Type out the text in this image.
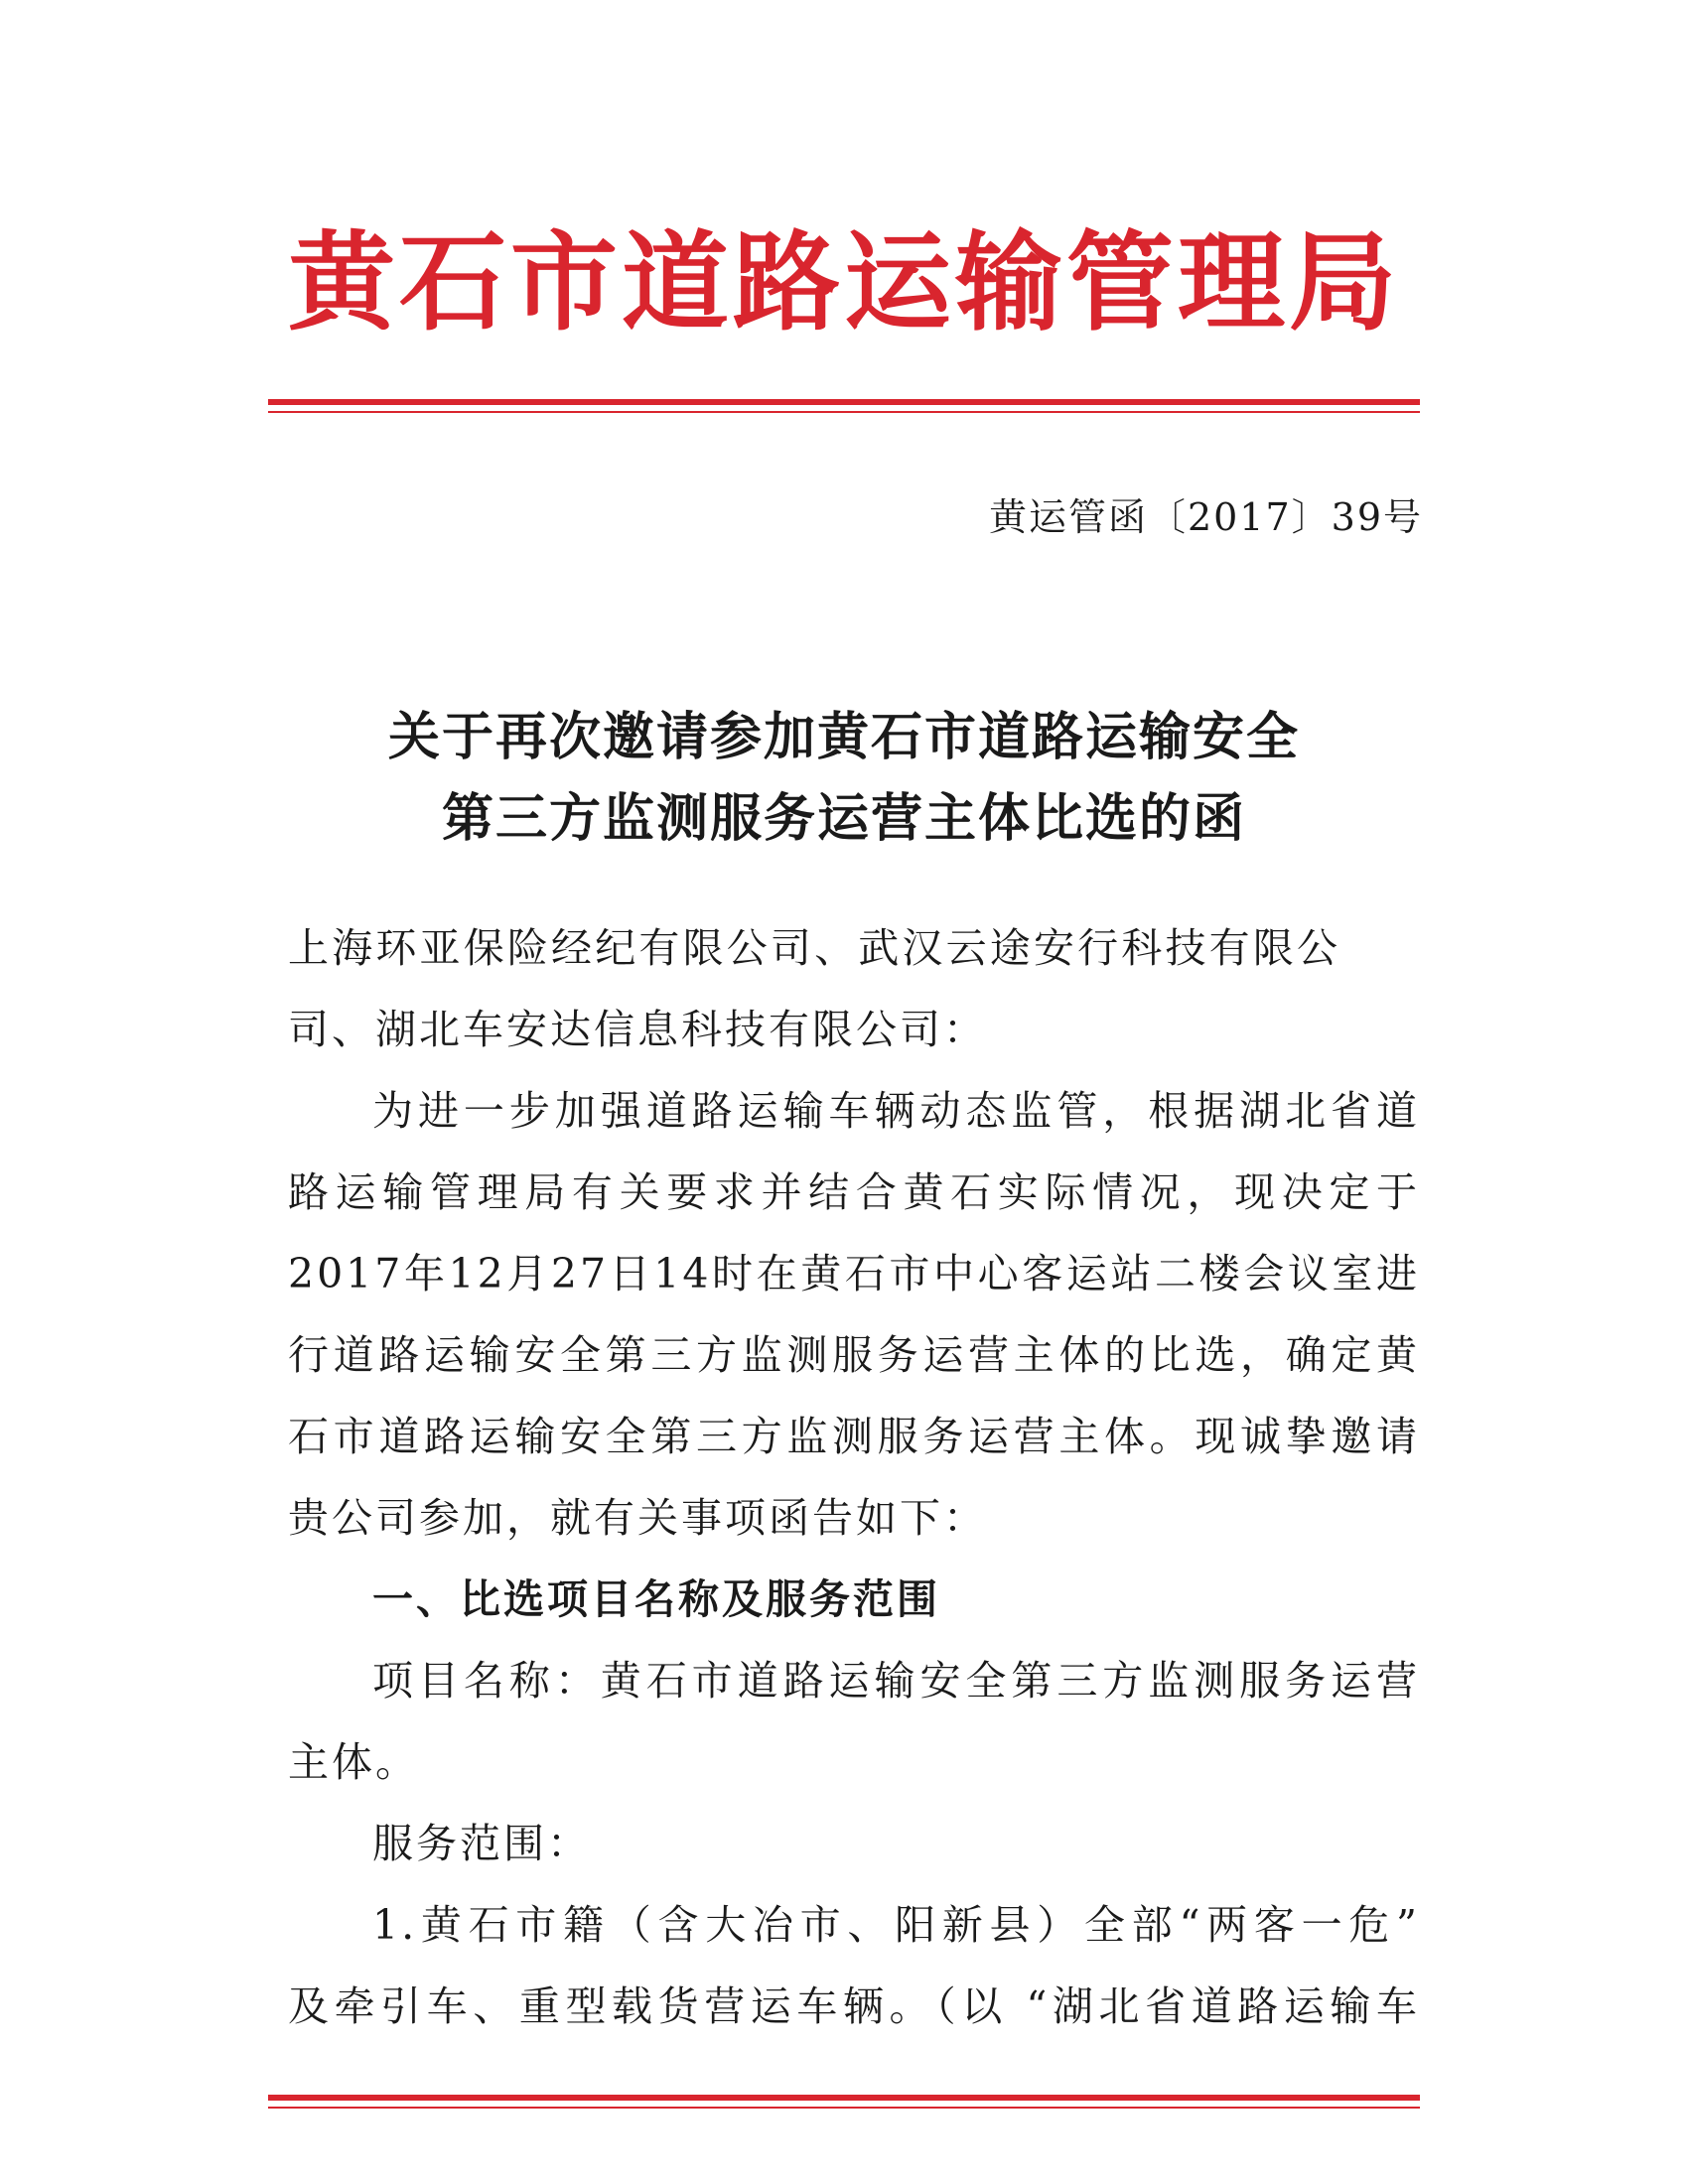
黄石市道路运输管理局
黄运管函〔2017〕39号
关于再次邀请参加黄石市道路运输安全
第三方监测服务运营主体比选的函
上海环亚保险经纪有限公司、武汉云途安行科技有限公
司、湖北车安达信息科技有限公司：
为进一步加强道路运输车辆动态监管，根据湖北省道
路运输管理局有关要求并结合黄石实际情况，现决定于
2017年12月27日14时在黄石市中心客运站二楼会议室进
行道路运输安全第三方监测服务运营主体的比选，确定黄
石市道路运输安全第三方监测服务运营主体。现诚挚邀请
贵公司参加，就有关事项函告如下：
一、比选项目名称及服务范围
项目名称：黄石市道路运输安全第三方监测服务运营
主体。
服务范围：
1.黄石市籍（含大冶市、阳新县）全部“两客一危”
及牵引车、重型载货营运车辆。（以 “湖北省道路运输车
